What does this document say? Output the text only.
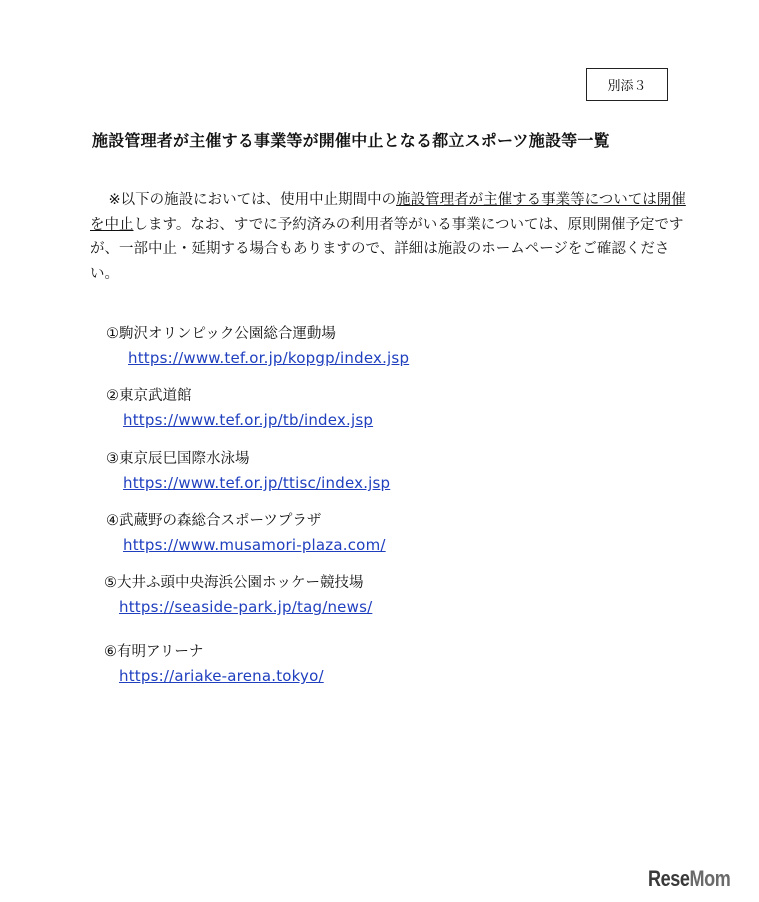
別添３
施設管理者が主催する事業等が開催中止となる都立スポーツ施設等一覧
※以下の施設においては、使用中止期間中の施設管理者が主催する事業等については開催を中止します。なお、すでに予約済みの利用者等がいる事業については、原則開催予定ですが、一部中止・延期する場合もありますので、詳細は施設のホームページをご確認ください。
①駒沢オリンピック公園総合運動場
https://www.tef.or.jp/kopgp/index.jsp
②東京武道館
https://www.tef.or.jp/tb/index.jsp
③東京辰巳国際水泳場
https://www.tef.or.jp/ttisc/index.jsp
④武蔵野の森総合スポーツプラザ
https://www.musamori-plaza.com/
⑤大井ふ頭中央海浜公園ホッケー競技場
https://seaside-park.jp/tag/news/
⑥有明アリーナ
https://ariake-arena.tokyo/
ReseMom
